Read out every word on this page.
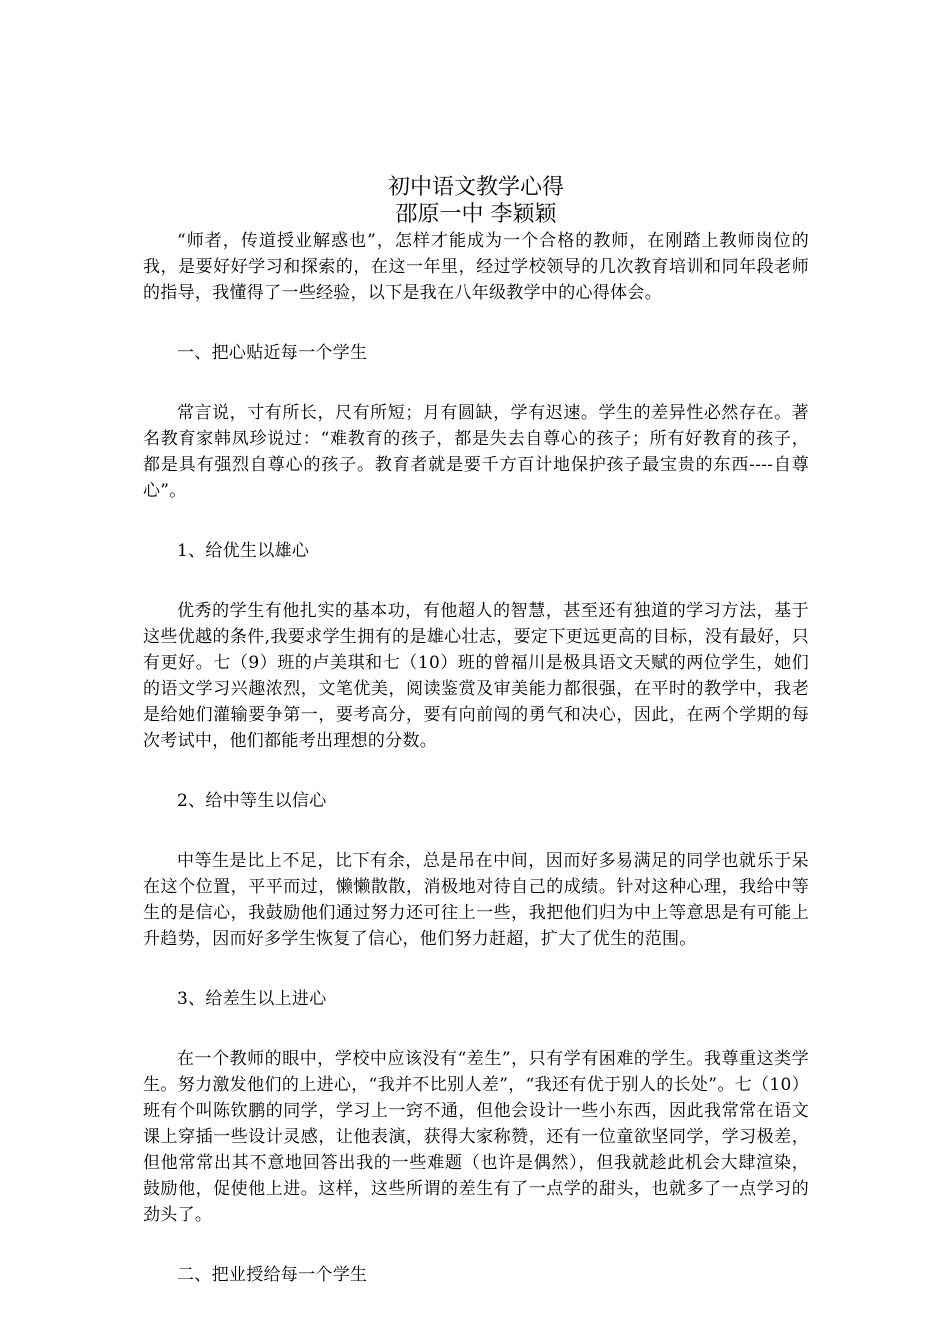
初中语文教学心得
邵原一中 李颖颖

“师者，传道授业解惑也”，怎样才能成为一个合格的教师，在刚踏上教师岗位的我，是要好好学习和探索的，在这一年里，经过学校领导的几次教育培训和同年段老师的指导，我懂得了一些经验，以下是我在八年级教学中的心得体会。

一、把心贴近每一个学生

常言说，寸有所长，尺有所短；月有圆缺，学有迟速。学生的差异性必然存在。著名教育家韩凤珍说过：“难教育的孩子，都是失去自尊心的孩子；所有好教育的孩子，都是具有强烈自尊心的孩子。教育者就是要千方百计地保护孩子最宝贵的东西----自尊心”。

1、给优生以雄心

优秀的学生有他扎实的基本功，有他超人的智慧，甚至还有独道的学习方法，基于这些优越的条件,我要求学生拥有的是雄心壮志，要定下更远更高的目标，没有最好，只有更好。七（9）班的卢美琪和七（10）班的曾福川是极具语文天赋的两位学生，她们的语文学习兴趣浓烈，文笔优美，阅读鉴赏及审美能力都很强，在平时的教学中，我老是给她们灌输要争第一，要考高分，要有向前闯的勇气和决心，因此，在两个学期的每次考试中，他们都能考出理想的分数。

2、给中等生以信心

中等生是比上不足，比下有余，总是吊在中间，因而好多易满足的同学也就乐于呆在这个位置，平平而过，懒懒散散，消极地对待自己的成绩。针对这种心理，我给中等生的是信心，我鼓励他们通过努力还可往上一些，我把他们归为中上等意思是有可能上升趋势，因而好多学生恢复了信心，他们努力赶超，扩大了优生的范围。

3、给差生以上进心

在一个教师的眼中，学校中应该没有“差生”，只有学有困难的学生。我尊重这类学生。努力激发他们的上进心，“我并不比别人差”，“我还有优于别人的长处”。七（10）班有个叫陈钦鹏的同学，学习上一窍不通，但他会设计一些小东西，因此我常常在语文课上穿插一些设计灵感，让他表演，获得大家称赞，还有一位童欲坚同学，学习极差，但他常常出其不意地回答出我的一些难题（也许是偶然），但我就趁此机会大肆渲染，鼓励他，促使他上进。这样，这些所谓的差生有了一点学的甜头，也就多了一点学习的劲头了。

二、把业授给每一个学生
